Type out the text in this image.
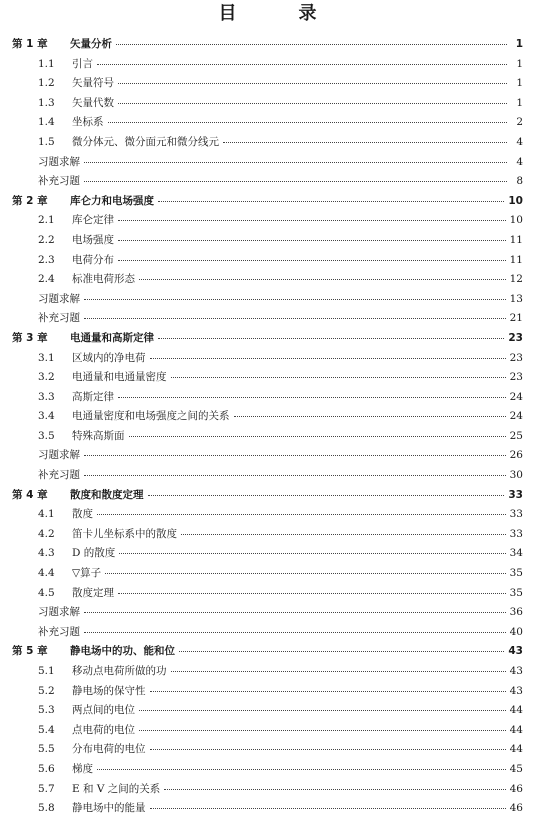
目　录
第 1 章	矢量分析	1
1.1	引言	1
1.2	矢量符号	1
1.3	矢量代数	1
1.4	坐标系	2
1.5	微分体元、微分面元和微分线元	4
习题求解	4
补充习题	8
第 2 章	库仑力和电场强度	10
2.1	库仑定律	10
2.2	电场强度	11
2.3	电荷分布	11
2.4	标准电荷形态	12
习题求解	13
补充习题	21
第 3 章	电通量和高斯定律	23
3.1	区域内的净电荷	23
3.2	电通量和电通量密度	23
3.3	高斯定律	24
3.4	电通量密度和电场强度之间的关系	24
3.5	特殊高斯面	25
习题求解	26
补充习题	30
第 4 章	散度和散度定理	33
4.1	散度	33
4.2	笛卡儿坐标系中的散度	33
4.3	D 的散度	34
4.4	▽算子	35
4.5	散度定理	35
习题求解	36
补充习题	40
第 5 章	静电场中的功、能和位	43
5.1	移动点电荷所做的功	43
5.2	静电场的保守性	43
5.3	两点间的电位	44
5.4	点电荷的电位	44
5.5	分布电荷的电位	44
5.6	梯度	45
5.7	E 和 V 之间的关系	46
5.8	静电场中的能量	46
